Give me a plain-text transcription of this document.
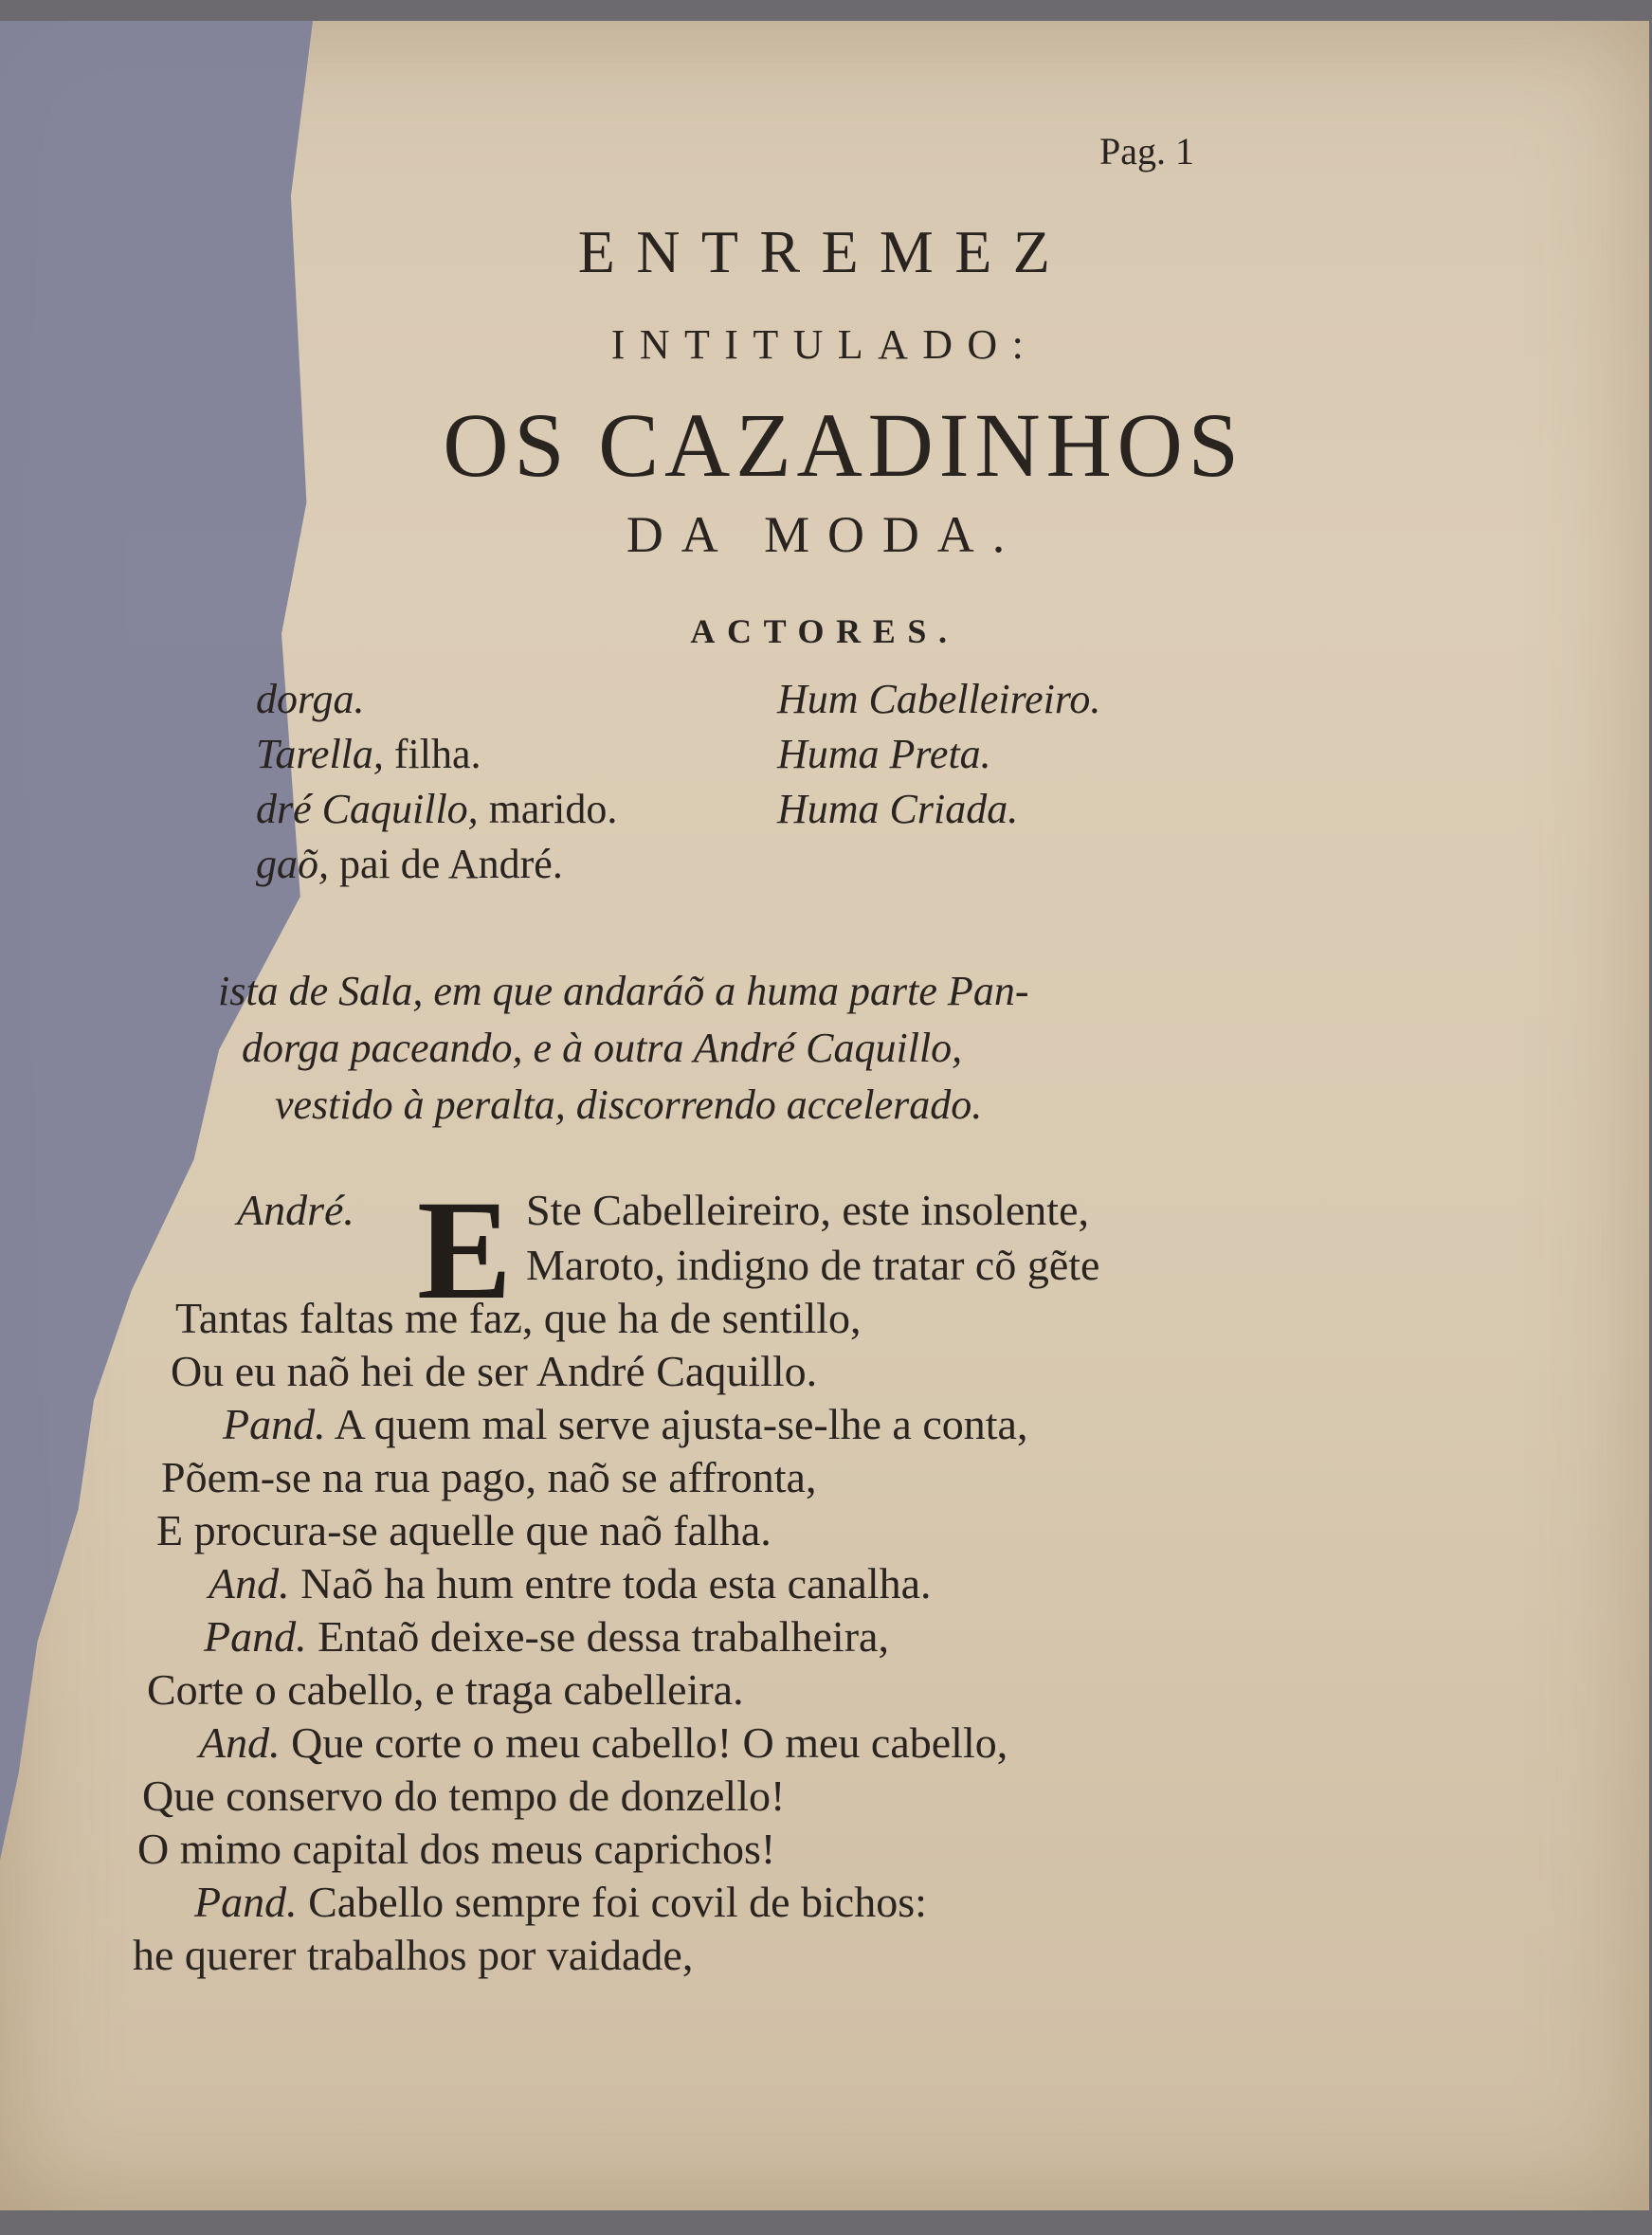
Pag. 1
ENTREMEZ
INTITULADO:
OS CAZADINHOS
DA MODA.
ACTORES.
dorga.
Tarella, filha.
dré Caquillo, marido.
gaõ, pai de André.
Hum Cabelleireiro.
Huma Preta.
Huma Criada.
ista de Sala, em que andaráõ a huma parte Pan-
dorga paceando, e à outra André Caquillo,
vestido à peralta, discorrendo accelerado.
E
André.	Ste Cabelleireiro, este insolente,
Maroto, indigno de tratar cõ gẽte
Tantas faltas me faz, que ha de sentillo,
Ou eu naõ hei de ser André Caquillo.
Pand. A quem mal serve ajusta-se-lhe a conta,
Põem-se na rua pago, naõ se affronta,
E procura-se aquelle que naõ falha.
And. Naõ ha hum entre toda esta canalha.
Pand. Entaõ deixe-se dessa trabalheira,
Corte o cabello, e traga cabelleira.
And. Que corte o meu cabello! O meu cabello,
Que conservo do tempo de donzello!
O mimo capital dos meus caprichos!
Pand. Cabello sempre foi covil de bichos:
he querer trabalhos por vaidade,
